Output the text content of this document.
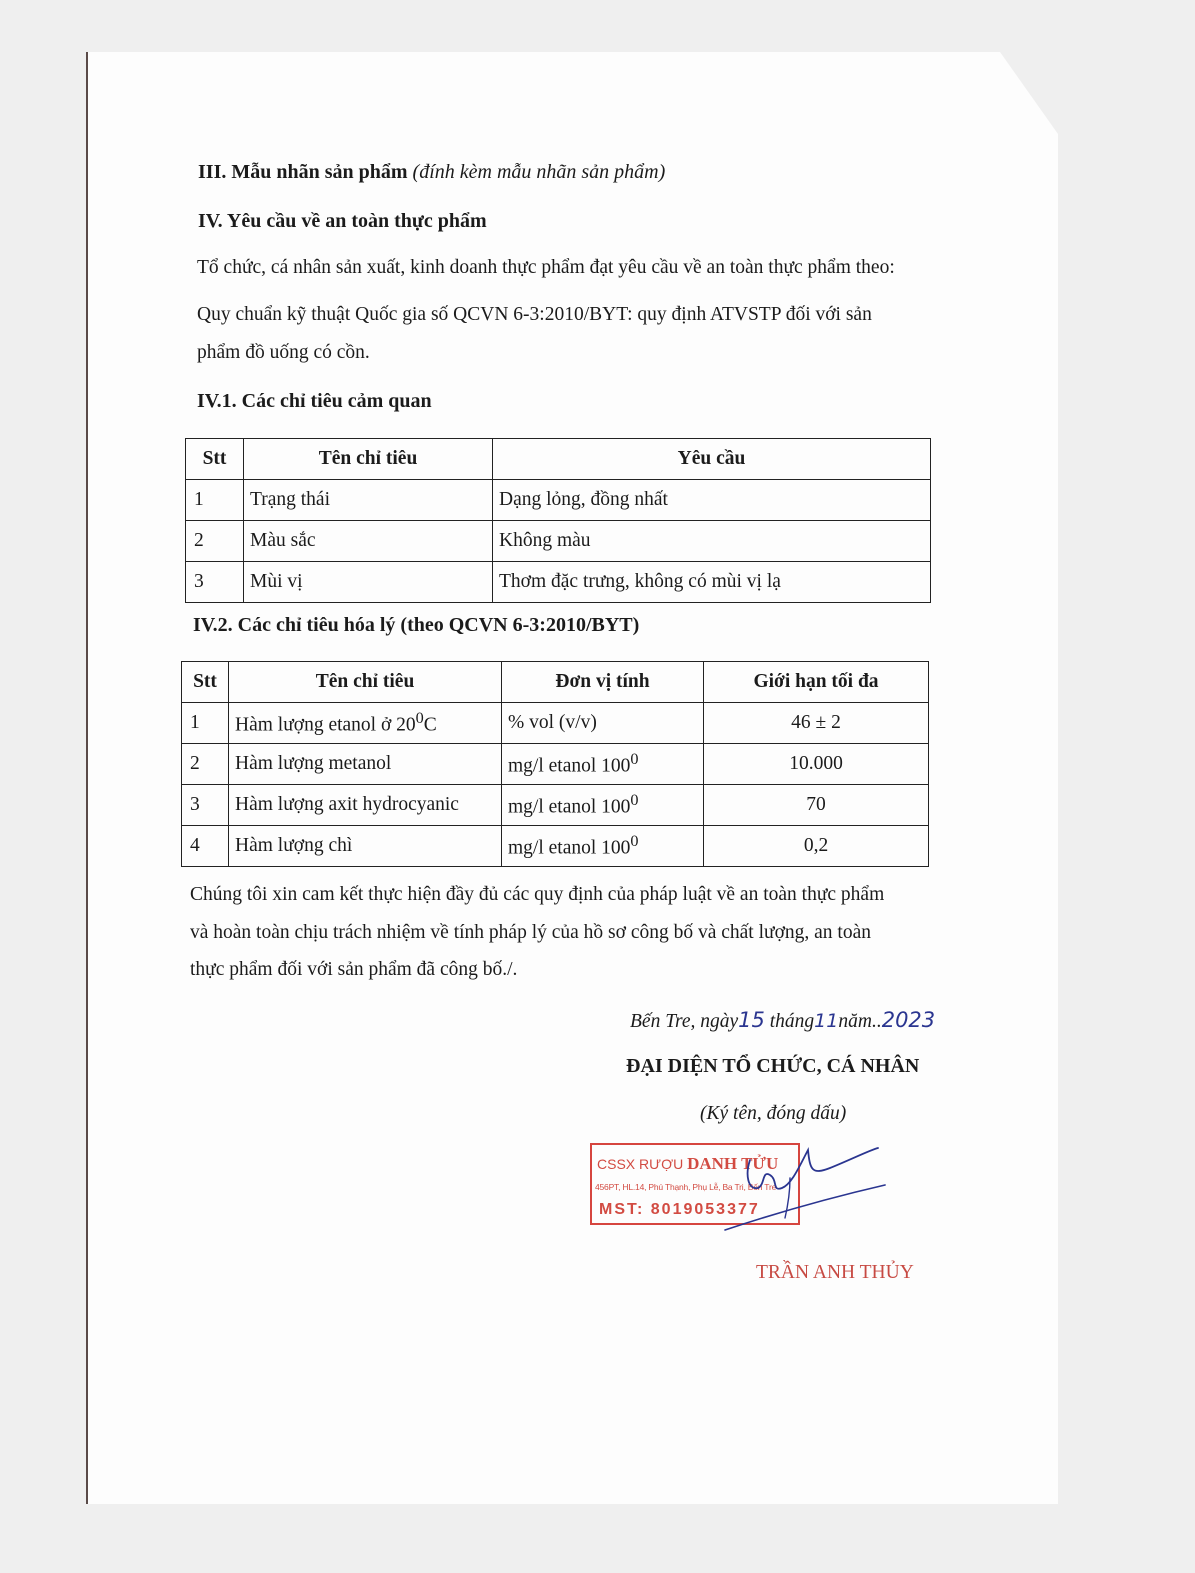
III. Mẫu nhãn sản phẩm (đính kèm mẫu nhãn sản phẩm)
IV. Yêu cầu về an toàn thực phẩm
Tổ chức, cá nhân sản xuất, kinh doanh thực phẩm đạt yêu cầu về an toàn thực phẩm theo:
Quy chuẩn kỹ thuật Quốc gia số QCVN 6-3:2010/BYT: quy định ATVSTP đối với sản
phẩm đồ uống có cồn.
IV.1. Các chỉ tiêu cảm quan
Stt	Tên chỉ tiêu	Yêu cầu
1	Trạng thái	Dạng lỏng, đồng nhất
2	Màu sắc	Không màu
3	Mùi vị	Thơm đặc trưng, không có mùi vị lạ
IV.2. Các chỉ tiêu hóa lý (theo QCVN 6-3:2010/BYT)
Stt	Tên chỉ tiêu	Đơn vị tính	Giới hạn tối đa
1	Hàm lượng etanol ở $20^0C$	% vol (v/v)	46 ± 2
2	Hàm lượng metanol	mg/l etanol $100^0$	10.000
3	Hàm lượng axit hydrocyanic	mg/l etanol $100^0$	70
4	Hàm lượng chì	mg/l etanol $100^0$	0,2
Chúng tôi xin cam kết thực hiện đầy đủ các quy định của pháp luật về an toàn thực phẩm
và hoàn toàn chịu trách nhiệm về tính pháp lý của hồ sơ công bố và chất lượng, an toàn
thực phẩm đối với sản phẩm đã công bố./.
Bến Tre, ngày15 tháng11năm..2023
ĐẠI DIỆN TỔ CHỨC, CÁ NHÂN
(Ký tên, đóng dấu)
CSSX RƯỢU DANH TỬU
456PT, HL.14, Phú Thạnh, Phụ Lễ, Ba Tri, Bến Tre
MST: 8019053377
TRẦN ANH THỦY
